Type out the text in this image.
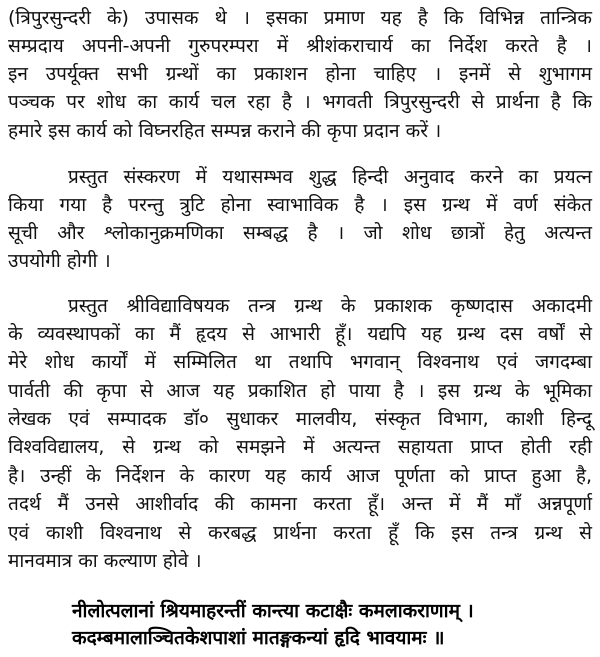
(त्रिपुरसुन्दरी के) उपासक थे । इसका प्रमाण यह है कि विभिन्न तान्त्रिक
सम्प्रदाय अपनी-अपनी गुरुपरम्परा में श्रीशंकराचार्य का निर्देश करते है ।
इन उपर्यूक्त सभी ग्रन्थों का प्रकाशन होना चाहिए । इनमें से शुभागम
पञ्चक पर शोध का कार्य चल रहा है । भगवती त्रिपुरसुन्दरी से प्रार्थना है कि
हमारे इस कार्य को विघ्नरहित सम्पन्न कराने की कृपा प्रदान करें ।
प्रस्तुत संस्करण में यथासम्भव शुद्ध हिन्दी अनुवाद करने का प्रयत्न
किया गया है परन्तु त्रुटि होना स्वाभाविक है । इस ग्रन्थ में वर्ण संकेत
सूची और श्लोकानुक्रमणिका सम्बद्ध है । जो शोध छात्रों हेतु अत्यन्त
उपयोगी होगी ।
प्रस्तुत श्रीविद्याविषयक तन्त्र ग्रन्थ के प्रकाशक कृष्णदास अकादमी
के व्यवस्थापकों का मैं हृदय से आभारी हूँ। यद्यपि यह ग्रन्थ दस वर्षों से
मेरे शोध कार्यों में सम्मिलित था तथापि भगवान् विश्वनाथ एवं जगदम्बा
पार्वती की कृपा से आज यह प्रकाशित हो पाया है । इस ग्रन्थ के भूमिका
लेखक एवं सम्पादक डॉ० सुधाकर मालवीय, संस्कृत विभाग, काशी हिन्दू
विश्वविद्यालय, से ग्रन्थ को समझने में अत्यन्त सहायता प्राप्त होती रही
है। उन्हीं के निर्देशन के कारण यह कार्य आज पूर्णता को प्राप्त हुआ है,
तदर्थ मैं उनसे आशीर्वाद की कामना करता हूँ। अन्त में मैं माँ अन्नपूर्णा
एवं काशी विश्वनाथ से करबद्ध प्रार्थना करता हूँ कि इस तन्त्र ग्रन्थ से
मानवमात्र का कल्याण होवे ।
नीलोत्पलानां श्रियमाहरन्तीं कान्त्या कटाक्षैः कमलाकराणाम् ।
कदम्बमालाञ्चितकेशपाशां मातङ्गकन्यां हृदि भावयामः ॥
